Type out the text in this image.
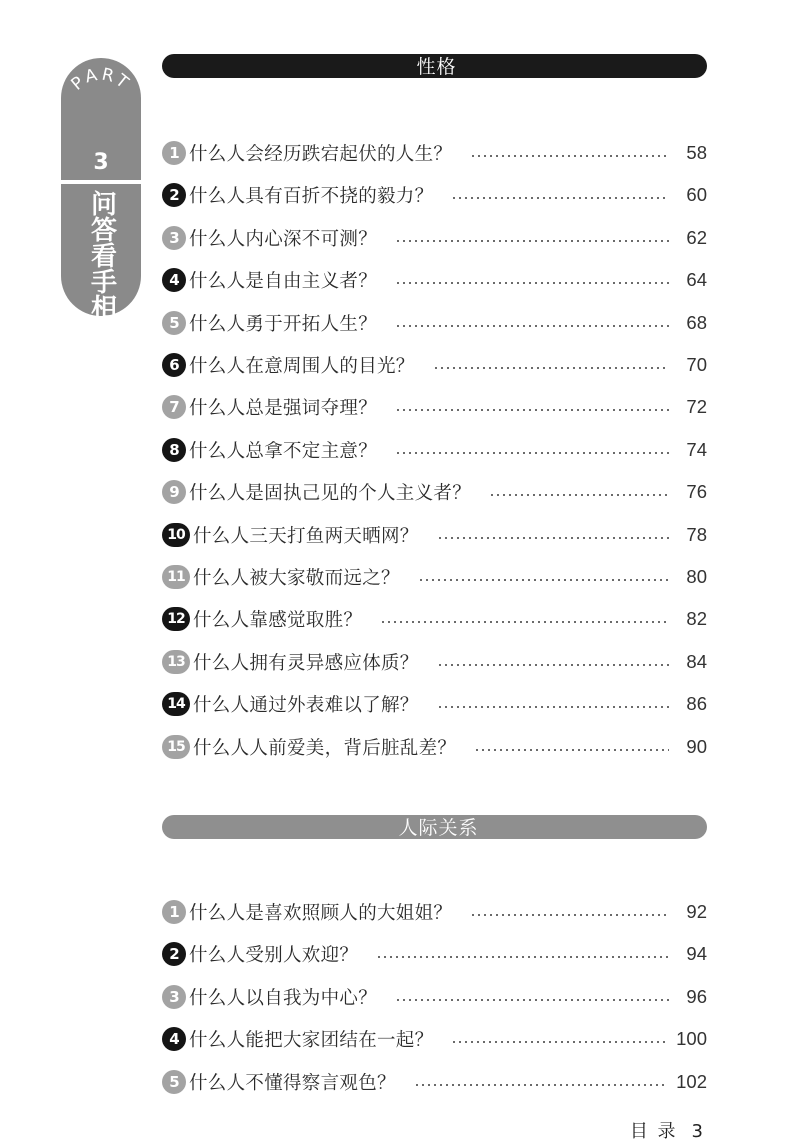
PART
3
问答看手相
性格
1 什么人会经历跌宕起伏的人生？	58
2 什么人具有百折不挠的毅力？	60
3 什么人内心深不可测？	62
4 什么人是自由主义者？	64
5 什么人勇于开拓人生？	68
6 什么人在意周围人的目光？	70
7 什么人总是强词夺理？	72
8 什么人总拿不定主意？	74
9 什么人是固执己见的个人主义者？	76
10 什么人三天打鱼两天晒网？	78
11 什么人被大家敬而远之？	80
12 什么人靠感觉取胜？	82
13 什么人拥有灵异感应体质？	84
14 什么人通过外表难以了解？	86
15 什么人人前爱美，背后脏乱差？	90
人际关系
1 什么人是喜欢照顾人的大姐姐？	92
2 什么人受别人欢迎？	94
3 什么人以自我为中心？	96
4 什么人能把大家团结在一起？	100
5 什么人不懂得察言观色？	102
目 录 3
